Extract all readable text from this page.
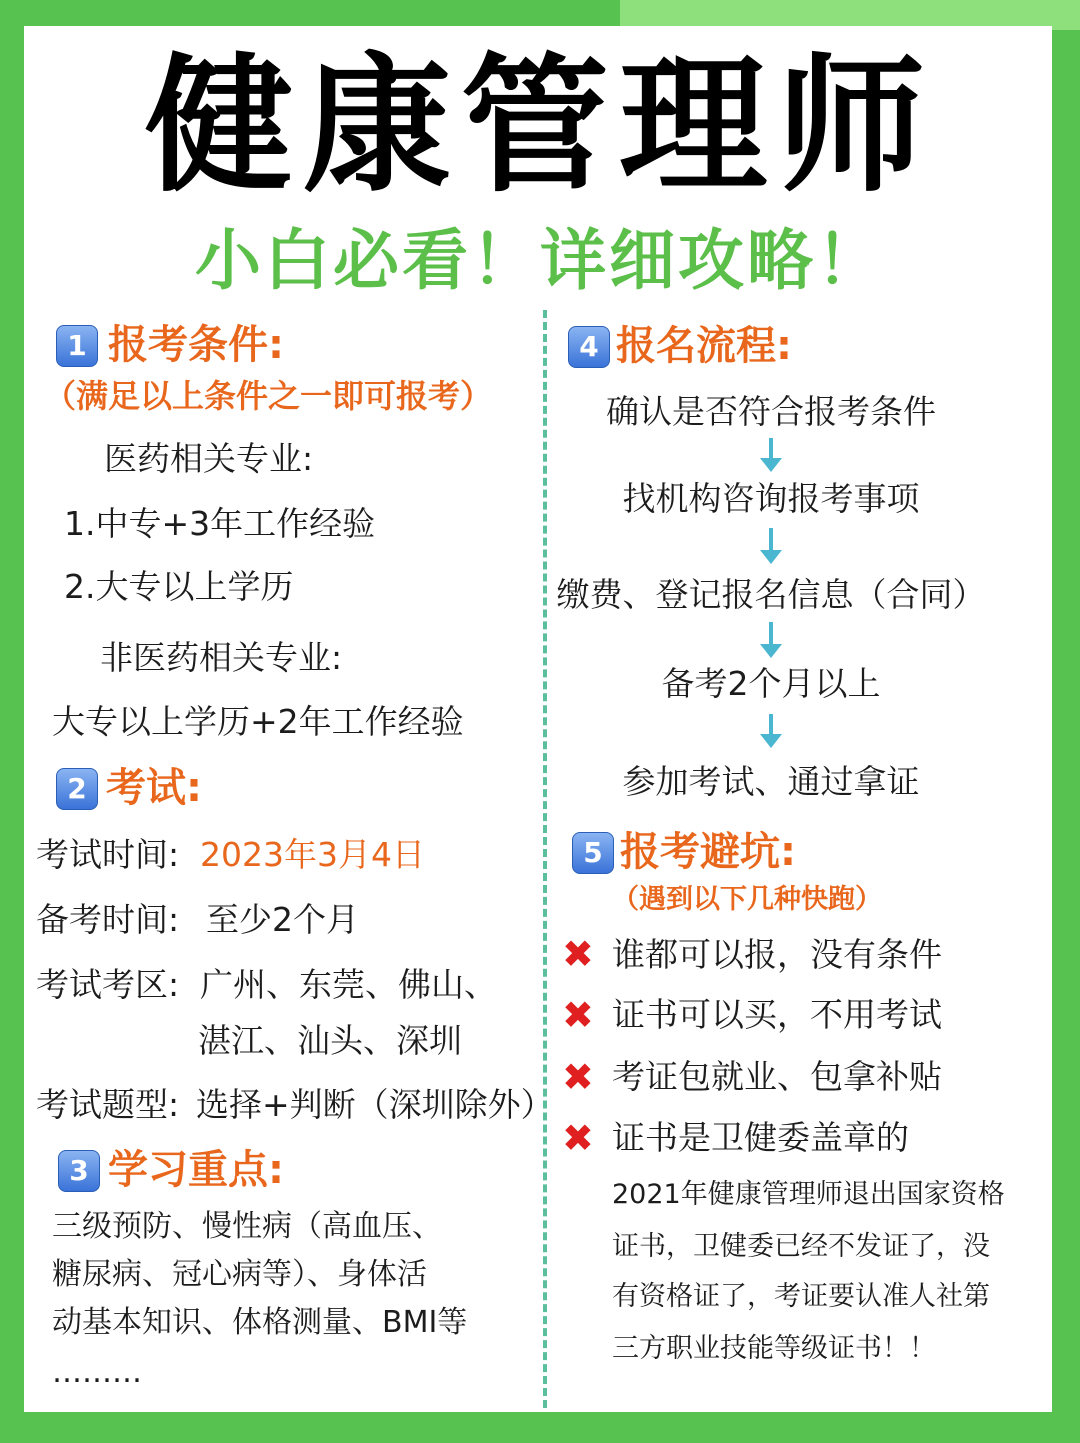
健康管理师
小白必看！详细攻略！
1 报考条件:
（满足以上条件之一即可报考）
医药相关专业:
1.中专+3年工作经验
2.大专以上学历
非医药相关专业:
大专以上学历+2年工作经验
2 考试:
考试时间: 2023年3月4日
备考时间: 至少2个月
考试考区: 广州、东莞、佛山、
湛江、汕头、深圳
考试题型: 选择+判断（深圳除外）
3 学习重点:
三级预防、慢性病（高血压、
糖尿病、冠心病等）、身体活
动基本知识、体格测量、BMI等
………
4 报名流程:
确认是否符合报考条件
找机构咨询报考事项
缴费、登记报名信息（合同）
备考2个月以上
参加考试、通过拿证
5 报考避坑:
（遇到以下几种快跑）
✖ 谁都可以报，没有条件
✖ 证书可以买，不用考试
✖ 考证包就业、包拿补贴
✖ 证书是卫健委盖章的
2021年健康管理师退出国家资格
证书，卫健委已经不发证了，没
有资格证了，考证要认准人社第
三方职业技能等级证书！！
